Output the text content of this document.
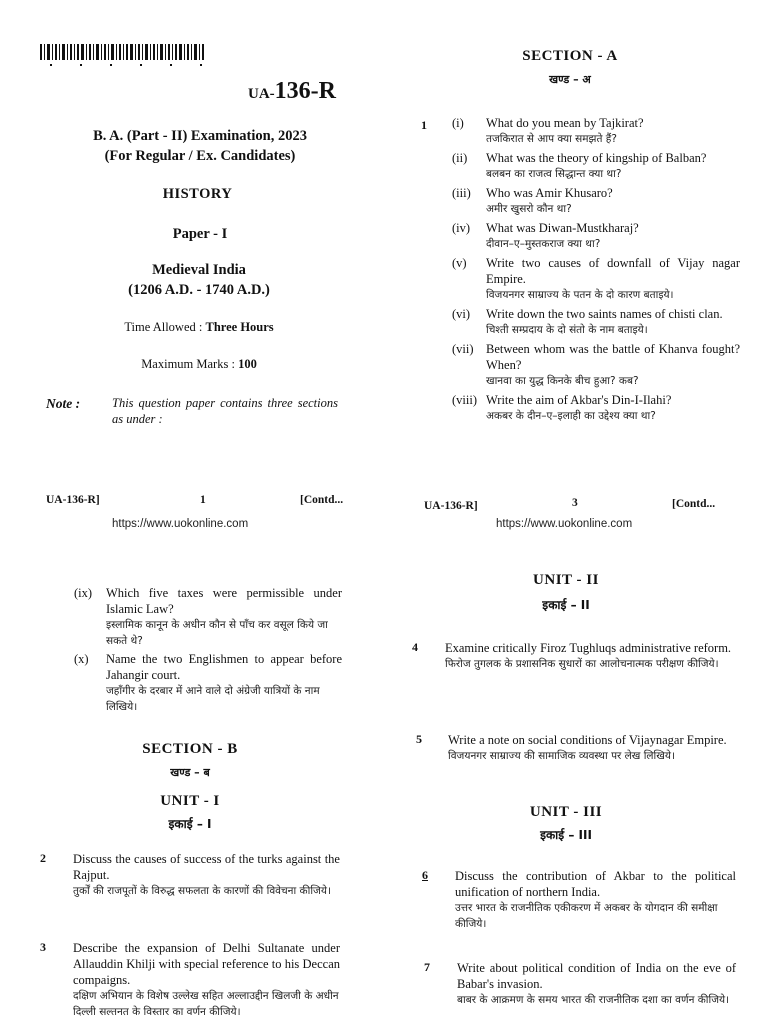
UA-136-R
B. A. (Part - II) Examination, 2023
(For Regular / Ex. Candidates)
HISTORY
Paper - I
Medieval India
(1206 A.D. - 1740 A.D.)
Time Allowed : Three Hours
Maximum Marks : 100
Note :	This question paper contains three sections as under :
UA-136-R]	1	[Contd...
https://www.uokonline.com
SECTION - A
खण्ड – अ
1 (i)	What do you mean by Tajkirat?
तजकिरात से आप क्या समझते हैं?
(ii)	What was the theory of kingship of Balban?
बलबन का राजत्व सिद्धान्त क्या था?
(iii)	Who was Amir Khusaro?
अमीर खुसरो कौन था?
(iv)	What was Diwan-Mustkharaj?
दीवान–ए–मुस्तकराज क्या था?
(v)	Write two causes of downfall of Vijay nagar Empire.
विजयनगर साम्राज्य के पतन के दो कारण बताइये।
(vi)	Write down the two saints names of chisti clan.
चिश्ती सम्प्रदाय के दो संतो के नाम बताइये।
(vii) Between whom was the battle of Khanva fought? When?
खानवा का युद्ध किनके बीच हुआ? कब?
(viii) Write the aim of Akbar's Din-I-Ilahi?
अकबर के दीन–ए–इलाही का उद्देश्य क्या था?
UA-136-R]	3	[Contd...
https://www.uokonline.com
(ix)	Which five taxes were permissible under Islamic Law?
इस्लामिक कानून के अधीन कौन से पाँच कर वसूल किये जा सकते थे?
(x)	Name the two Englishmen to appear before Jahangir court.
जहाँगीर के दरबार में आने वाले दो अंग्रेजी यात्रियों के नाम लिखिये।
SECTION - B
खण्ड – ब
UNIT - I
इकाई – I
2	Discuss the causes of success of the turks against the Rajput.
तुर्कों की राजपूतों के विरुद्ध सफलता के कारणों की विवेचना कीजिये।
3	Describe the expansion of Delhi Sultanate under Allauddin Khilji with special reference to his Deccan compaigns.
दक्षिण अभियान के विशेष उल्लेख सहित अल्लाउद्दीन खिलजी के अधीन दिल्ली सल्तनत के विस्तार का वर्णन कीजिये।
UNIT - II
इकाई – II
4	Examine critically Firoz Tughluqs administrative reform.
फिरोज तुगलक के प्रशासनिक सुधारों का आलोचनात्मक परीक्षण कीजिये।
5	Write a note on social conditions of Vijaynagar Empire.
विजयनगर साम्राज्य की सामाजिक व्यवस्था पर लेख लिखिये।
UNIT - III
इकाई – III
6	Discuss the contribution of Akbar to the political unification of northern India.
उत्तर भारत के राजनीतिक एकीकरण में अकबर के योगदान की समीक्षा कीजिये।
7	Write about political condition of India on the eve of Babar's invasion.
बाबर के आक्रमण के समय भारत की राजनीतिक दशा का वर्णन कीजिये।
